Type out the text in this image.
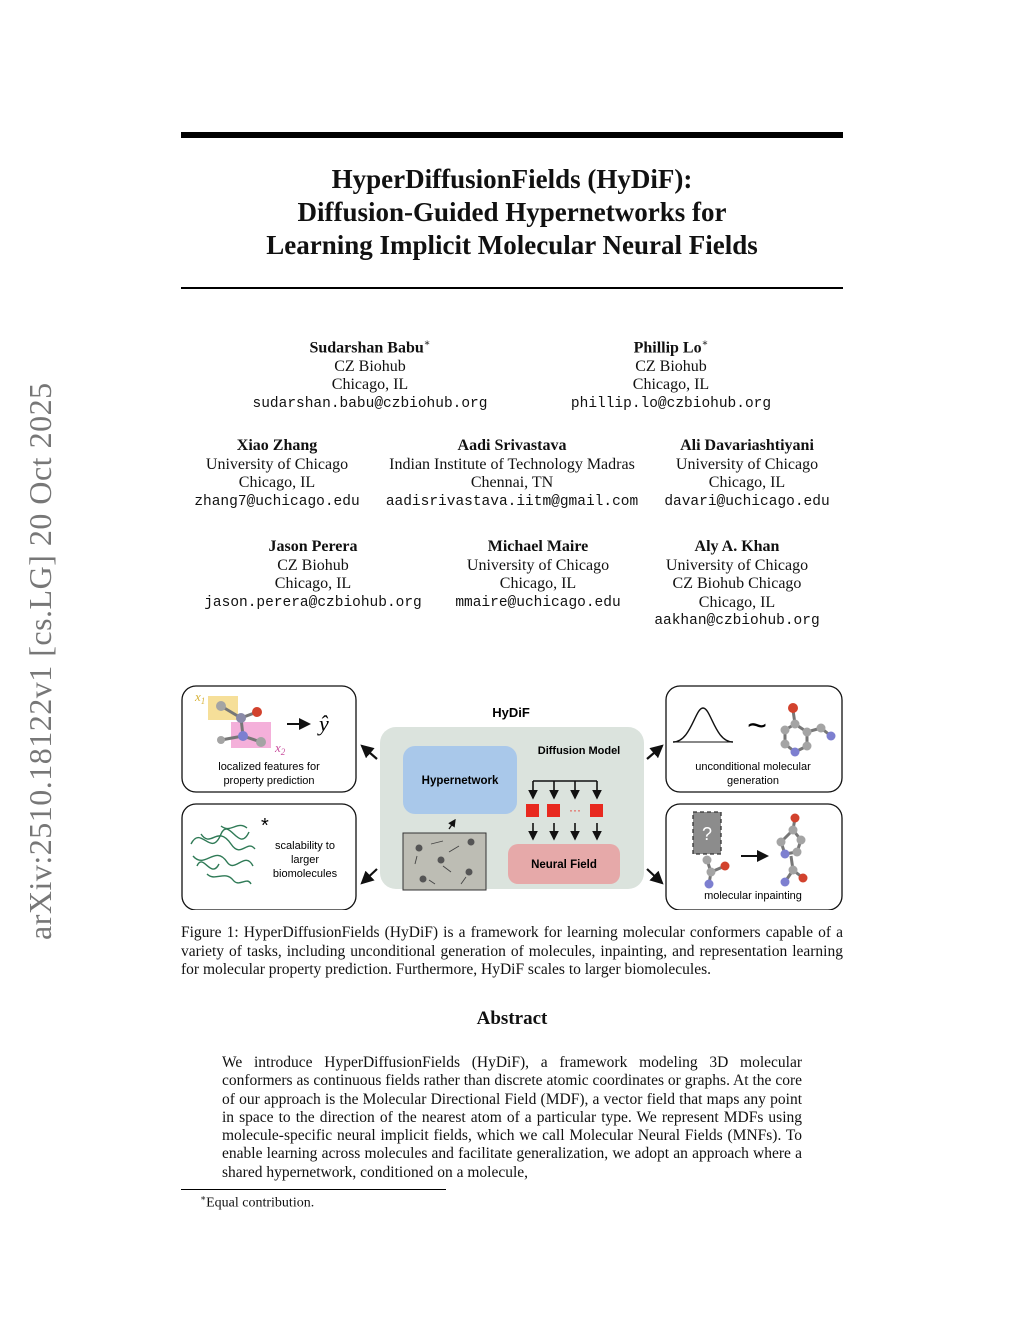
arXiv:2510.18122v1 [cs.LG] 20 Oct 2025
HyperDiffusionFields (HyDiF):
Diffusion-Guided Hypernetworks for
Learning Implicit Molecular Neural Fields
Sudarshan Babu∗
CZ Biohub
Chicago, IL
sudarshan.babu@czbiohub.org
Phillip Lo∗
CZ Biohub
Chicago, IL
phillip.lo@czbiohub.org
Xiao Zhang
University of Chicago
Chicago, IL
zhang7@uchicago.edu
Aadi Srivastava
Indian Institute of Technology Madras
Chennai, TN
aadisrivastava.iitm@gmail.com
Ali Davariashtiyani
University of Chicago
Chicago, IL
davari@uchicago.edu
Jason Perera
CZ Biohub
Chicago, IL
jason.perera@czbiohub.org
Michael Maire
University of Chicago
Chicago, IL
mmaire@uchicago.edu
Aly A. Khan
University of Chicago
CZ Biohub Chicago
Chicago, IL
aakhan@czbiohub.org
$x_1$
$x_2$
ŷ
localized features for
property prediction
*
scalability to
larger
biomolecules
HyDiF
Hypernetwork
Diffusion Model
···
Neural Field
~
unconditional molecular
generation
?
molecular inpainting
Figure 1: HyperDiffusionFields (HyDiF) is a framework for learning molecular conformers capable of a variety of tasks, including unconditional generation of molecules, inpainting, and representation learning for molecular property prediction. Furthermore, HyDiF scales to larger biomolecules.
Abstract
We introduce HyperDiffusionFields (HyDiF), a framework modeling 3D molecular conformers as continuous fields rather than discrete atomic coordinates or graphs. At the core of our approach is the Molecular Directional Field (MDF), a vector field that maps any point in space to the direction of the nearest atom of a particular type. We represent MDFs using molecule-specific neural implicit fields, which we call Molecular Neural Fields (MNFs). To enable learning across molecules and facilitate generalization, we adopt an approach where a shared hypernetwork, conditioned on a molecule,
∗Equal contribution.
